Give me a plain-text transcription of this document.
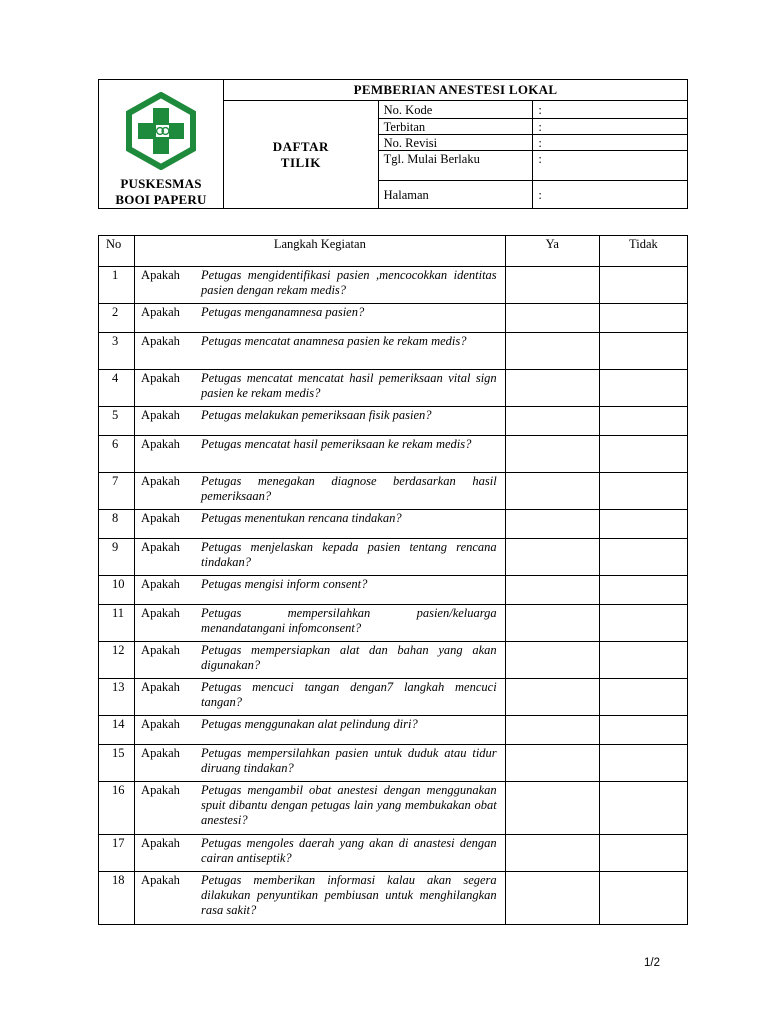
PUSKESMAS
BOOI PAPERU	PEMBERIAN ANESTESI LOKAL		

	DAFTAR
TILIK	No. Kode	:
		Terbitan	:
		No. Revisi	:
		Tgl. Mulai Berlaku	:
		Halaman	:
No	Langkah Kegiatan	Ya	Tidak
1	Apakah Petugas mengidentifikasi pasien ,mencocokkan identitas pasien dengan rekam medis?		

2	Apakah Petugas menganamnesa pasien?		

3	Apakah Petugas mencatat anamnesa pasien ke rekam medis?		

4	Apakah Petugas mencatat mencatat hasil pemeriksaan vital sign pasien ke rekam medis?		

5	Apakah Petugas melakukan pemeriksaan fisik pasien?		

6	Apakah Petugas mencatat hasil pemeriksaan ke rekam medis?		

7	Apakah Petugas menegakan diagnose berdasarkan hasil pemeriksaan?		

8	Apakah Petugas menentukan rencana tindakan?		

9	Apakah Petugas menjelaskan kepada pasien tentang rencana tindakan?		

10	Apakah Petugas mengisi inform consent?		

11	Apakah Petugas mempersilahkan pasien/keluarga menandatangani infomconsent?		

12	Apakah Petugas mempersiapkan alat dan bahan yang akan digunakan?		

13	Apakah Petugas mencuci tangan dengan7 langkah mencuci tangan?		

14	Apakah Petugas menggunakan alat pelindung diri?		

15	Apakah Petugas mempersilahkan pasien untuk duduk atau tidur diruang tindakan?		

16	Apakah Petugas mengambil obat anestesi dengan menggunakan spuit dibantu dengan petugas lain yang membukakan obat anestesi?		

17	Apakah Petugas mengoles daerah yang akan di anastesi dengan cairan antiseptik?		

18	Apakah Petugas memberikan informasi kalau akan segera dilakukan penyuntikan pembiusan untuk menghilangkan rasa sakit?		

1/2
